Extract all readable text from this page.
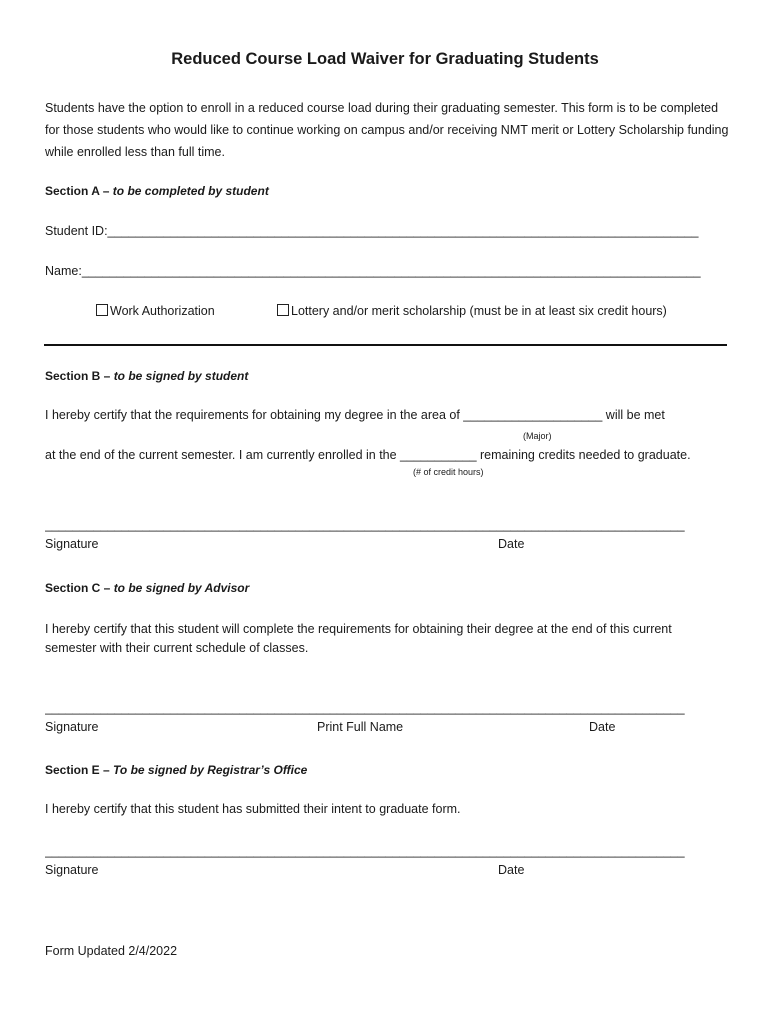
Reduced Course Load Waiver for Graduating Students
Students have the option to enroll in a reduced course load during their graduating semester. This form is to be completed for those students who would like to continue working on campus and/or receiving NMT merit or Lottery Scholarship funding while enrolled less than full time.
Section A – to be completed by student
Student ID:_____________________________________________________________________________________
Name:_________________________________________________________________________________________
Work Authorization	Lottery and/or merit scholarship (must be in at least six credit hours)
Section B – to be signed by student
I hereby certify that the requirements for obtaining my degree in the area of ____________________ will be met
(Major)
at the end of the current semester. I am currently enrolled in the ___________ remaining credits needed to graduate.
(# of credit hours)
____________________________________________________________________________________________
Signature	Date
Section C – to be signed by Advisor
I hereby certify that this student will complete the requirements for obtaining their degree at the end of this current semester with their current schedule of classes.
____________________________________________________________________________________________
Signature	Print Full Name	Date
Section E – To be signed by Registrar’s Office
I hereby certify that this student has submitted their intent to graduate form.
____________________________________________________________________________________________
Signature	Date
Form Updated 2/4/2022
